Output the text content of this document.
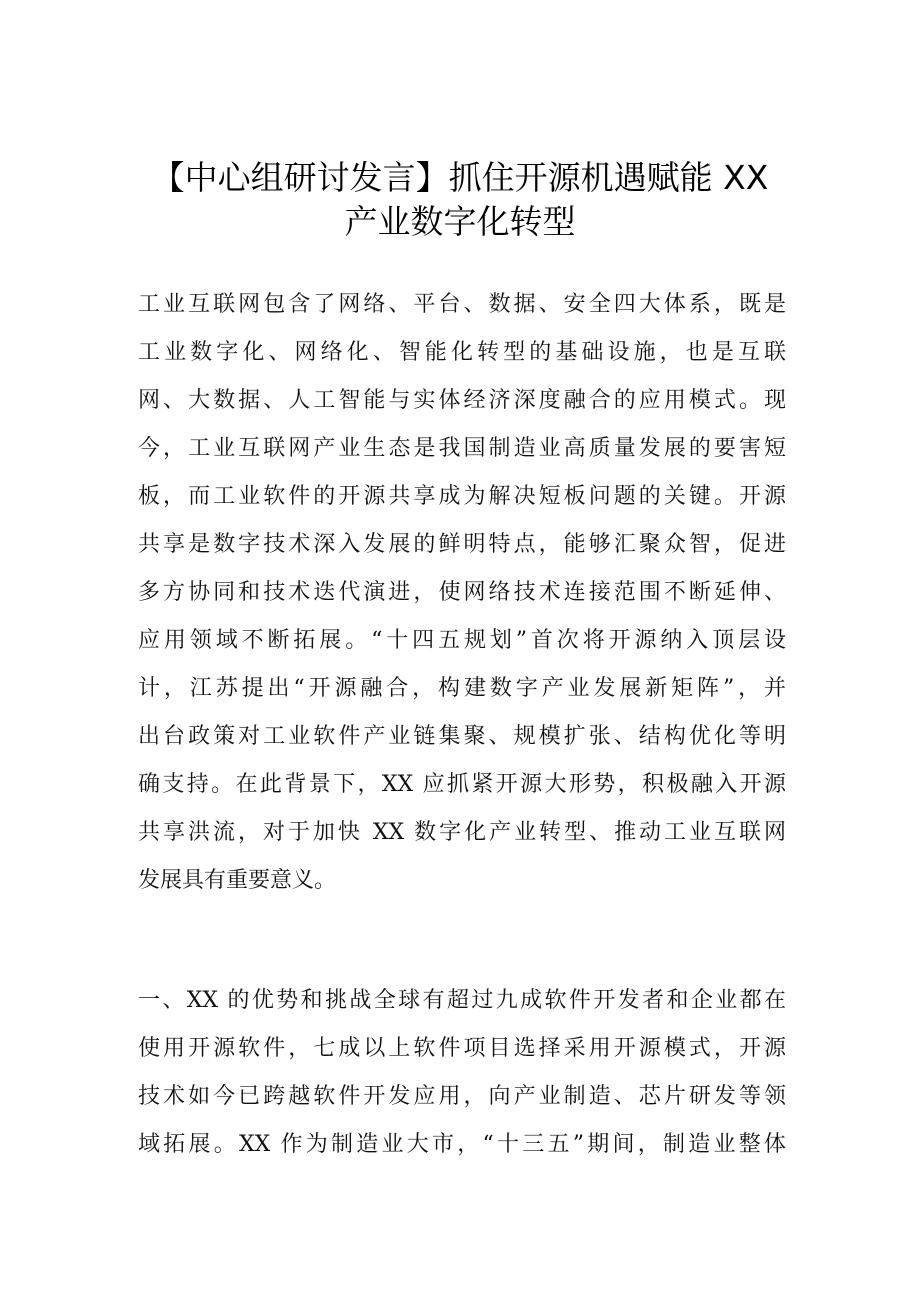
【中心组研讨发言】抓住开源机遇赋能 XX
产业数字化转型
工业互联网包含了网络、平台、数据、安全四大体系，既是
工业数字化、网络化、智能化转型的基础设施，也是互联
网、大数据、人工智能与实体经济深度融合的应用模式。现
今，工业互联网产业生态是我国制造业高质量发展的要害短
板，而工业软件的开源共享成为解决短板问题的关键。开源
共享是数字技术深入发展的鲜明特点，能够汇聚众智，促进
多方协同和技术迭代演进，使网络技术连接范围不断延伸、
应用领域不断拓展。“十四五规划”首次将开源纳入顶层设
计，江苏提出“开源融合，构建数字产业发展新矩阵”，并
出台政策对工业软件产业链集聚、规模扩张、结构优化等明
确支持。在此背景下，XX 应抓紧开源大形势，积极融入开源
共享洪流，对于加快 XX 数字化产业转型、推动工业互联网
发展具有重要意义。
一、XX 的优势和挑战全球有超过九成软件开发者和企业都在
使用开源软件，七成以上软件项目选择采用开源模式，开源
技术如今已跨越软件开发应用，向产业制造、芯片研发等领
域拓展。XX 作为制造业大市，“十三五”期间，制造业整体
